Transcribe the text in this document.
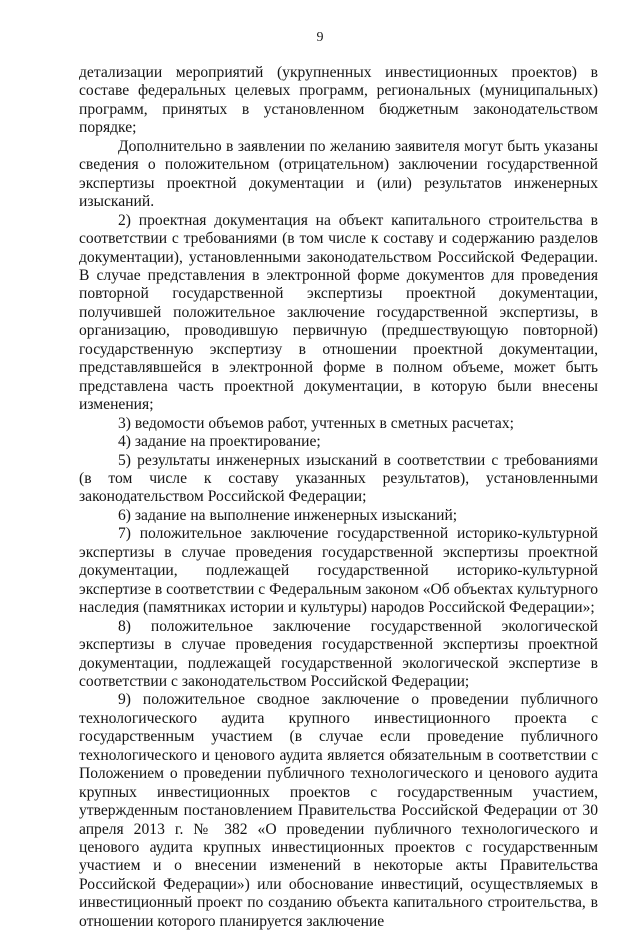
9

детализации мероприятий (укрупненных инвестиционных проектов) в составе федеральных целевых программ, региональных (муниципальных) программ, принятых в установленном бюджетным законодательством порядке;

Дополнительно в заявлении по желанию заявителя могут быть указаны сведения о положительном (отрицательном) заключении государственной экспертизы проектной документации и (или) результатов инженерных изысканий.

2) проектная документация на объект капитального строительства в соответствии с требованиями (в том числе к составу и содержанию разделов документации), установленными законодательством Российской Федерации. В случае представления в электронной форме документов для проведения повторной государственной экспертизы проектной документации, получившей положительное заключение государственной экспертизы, в организацию, проводившую первичную (предшествующую повторной) государственную экспертизу в отношении проектной документации, представлявшейся в электронной форме в полном объеме, может быть представлена часть проектной документации, в которую были внесены изменения;

3) ведомости объемов работ, учтенных в сметных расчетах;

4) задание на проектирование;

5) результаты инженерных изысканий в соответствии с требованиями (в том числе к составу указанных результатов), установленными законодательством Российской Федерации;

6) задание на выполнение инженерных изысканий;

7) положительное заключение государственной историко-культурной экспертизы в случае проведения государственной экспертизы проектной документации, подлежащей государственной историко-культурной экспертизе в соответствии с Федеральным законом «Об объектах культурного наследия (памятниках истории и культуры) народов Российской Федерации»;

8) положительное заключение государственной экологической экспертизы в случае проведения государственной экспертизы проектной документации, подлежащей государственной экологической экспертизе в соответствии с законодательством Российской Федерации;

9) положительное сводное заключение о проведении публичного технологического аудита крупного инвестиционного проекта с государственным участием (в случае если проведение публичного технологического и ценового аудита является обязательным в соответствии с Положением о проведении публичного технологического и ценового аудита крупных инвестиционных проектов с государственным участием, утвержденным постановлением Правительства Российской Федерации от 30 апреля 2013 г. № 382 «О проведении публичного технологического и ценового аудита крупных инвестиционных проектов с государственным участием и о внесении изменений в некоторые акты Правительства Российской Федерации») или обоснование инвестиций, осуществляемых в инвестиционный проект по созданию объекта капитального строительства, в отношении которого планируется заключение
